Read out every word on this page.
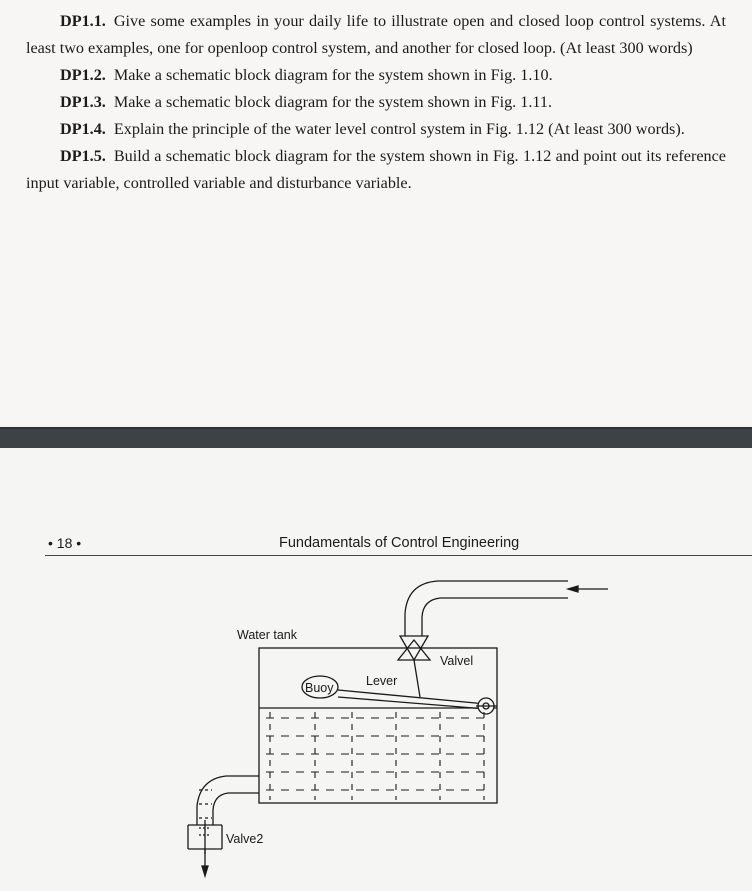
DP1.1. Give some examples in your daily life to illustrate open and closed loop control systems. At least two examples, one for openloop control system, and another for closed loop. (At least 300 words)

DP1.2. Make a schematic block diagram for the system shown in Fig. 1.10.

DP1.3. Make a schematic block diagram for the system shown in Fig. 1.11.

DP1.4. Explain the principle of the water level control system in Fig. 1.12 (At least 300 words).

DP1.5. Build a schematic block diagram for the system shown in Fig. 1.12 and point out its reference input variable, controlled variable and disturbance variable.

• 18 •	Fundamentals of Control Engineering
Water tank
Valvel
Buoy	Lever
Valve2
